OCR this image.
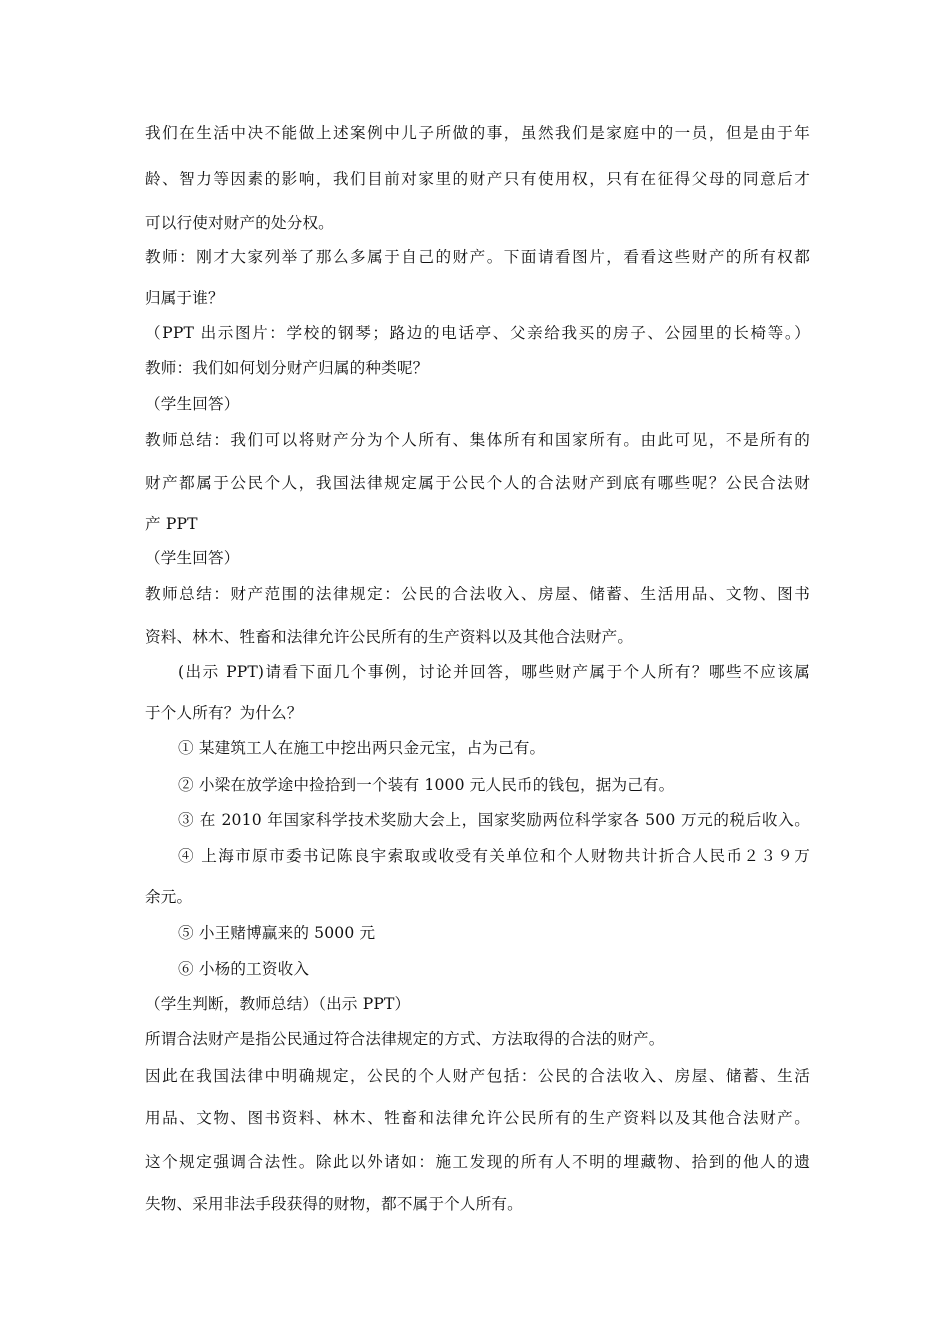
我们在生活中决不能做上述案例中儿子所做的事，虽然我们是家庭中的一员，但是由于年
龄、智力等因素的影响，我们目前对家里的财产只有使用权，只有在征得父母的同意后才
可以行使对财产的处分权。
教师：刚才大家列举了那么多属于自己的财产。下面请看图片，看看这些财产的所有权都
归属于谁？
（PPT 出示图片：学校的钢琴；路边的电话亭、父亲给我买的房子、公园里的长椅等。）
教师：我们如何划分财产归属的种类呢？
（学生回答）
教师总结：我们可以将财产分为个人所有、集体所有和国家所有。由此可见，不是所有的
财产都属于公民个人，我国法律规定属于公民个人的合法财产到底有哪些呢？公民合法财
产 PPT
（学生回答）
教师总结：财产范围的法律规定：公民的合法收入、房屋、储蓄、生活用品、文物、图书
资料、林木、牲畜和法律允许公民所有的生产资料以及其他合法财产。
(出示 PPT)请看下面几个事例，讨论并回答，哪些财产属于个人所有？哪些不应该属
于个人所有？为什么？
① 某建筑工人在施工中挖出两只金元宝，占为己有。
② 小梁在放学途中捡拾到一个装有 1000 元人民币的钱包，据为己有。
③ 在 2010 年国家科学技术奖励大会上，国家奖励两位科学家各 500 万元的税后收入。
④ 上海市原市委书记陈良宇索取或收受有关单位和个人财物共计折合人民币２３９万
余元。
⑤ 小王赌博赢来的 5000 元
⑥ 小杨的工资收入
（学生判断，教师总结）（出示 PPT）
所谓合法财产是指公民通过符合法律规定的方式、方法取得的合法的财产。
因此在我国法律中明确规定，公民的个人财产包括：公民的合法收入、房屋、储蓄、生活
用品、文物、图书资料、林木、牲畜和法律允许公民所有的生产资料以及其他合法财产。
这个规定强调合法性。除此以外诸如：施工发现的所有人不明的埋藏物、拾到的他人的遗
失物、采用非法手段获得的财物，都不属于个人所有。
